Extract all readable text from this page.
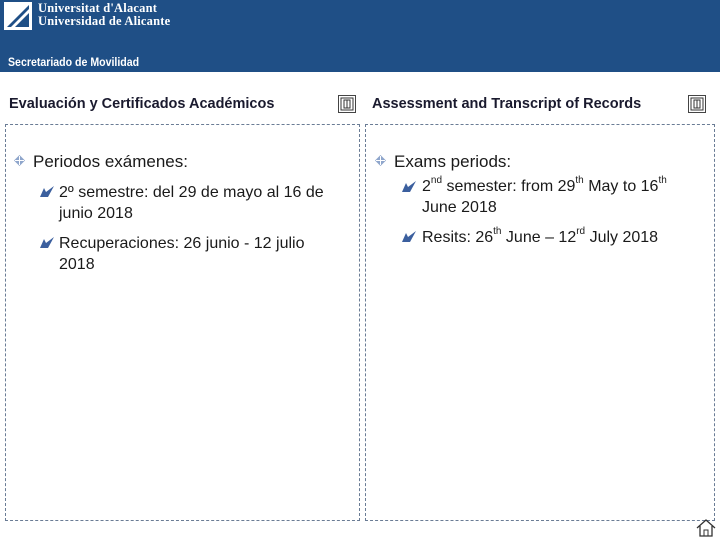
Universitat d'Alacant
Universidad de Alicante
Secretariado de Movilidad
Evaluación y Certificados Académicos	Assessment and Transcript of Records
Periodos exámenes:
2º semestre: del 29 de mayo al 16 de junio 2018
Recuperaciones: 26 junio - 12 julio 2018
Exams periods:
2nd semester: from 29th May to 16th
June 2018
Resits: 26th June – 12rd July 2018
